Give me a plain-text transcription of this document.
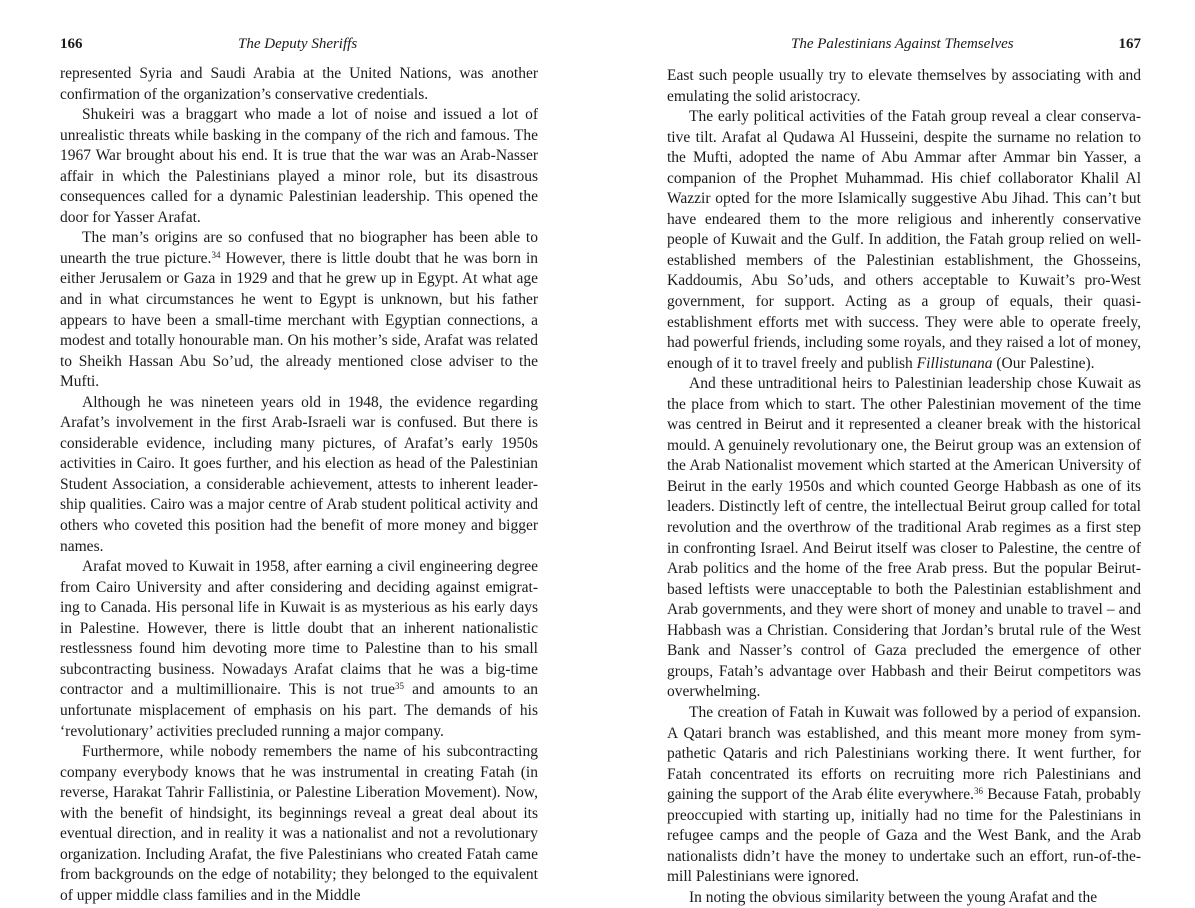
166	The Deputy Sheriffs

represented Syria and Saudi Arabia at the United Nations, was another confirmation of the organization’s conservative credentials.

Shukeiri was a braggart who made a lot of noise and issued a lot of unrealistic threats while basking in the company of the rich and famous. The 1967 War brought about his end. It is true that the war was an Arab-Nasser affair in which the Palestinians played a minor role, but its disastrous consequences called for a dynamic Palestinian leadership. This opened the door for Yasser Arafat.

The man’s origins are so confused that no biographer has been able to unearth the true picture.$^{34}$ However, there is little doubt that he was born in either Jerusalem or Gaza in 1929 and that he grew up in Egypt. At what age and in what circumstances he went to Egypt is unknown, but his father appears to have been a small-time merchant with Egyptian connections, a modest and totally honourable man. On his mother’s side, Arafat was related to Sheikh Hassan Abu So’ud, the already mentioned close adviser to the Mufti.

Although he was nineteen years old in 1948, the evidence regarding Arafat’s involvement in the first Arab-Israeli war is confused. But there is considerable evidence, including many pictures, of Arafat’s early 1950s activities in Cairo. It goes further, and his election as head of the Palestinian Student Association, a considerable achievement, attests to inherent leader-ship qualities. Cairo was a major centre of Arab student political activity and others who coveted this position had the benefit of more money and bigger names.

Arafat moved to Kuwait in 1958, after earning a civil engineering degree from Cairo University and after considering and deciding against emigrat-ing to Canada. His personal life in Kuwait is as mysterious as his early days in Palestine. However, there is little doubt that an inherent nationalistic restlessness found him devoting more time to Palestine than to his small subcontracting business. Nowadays Arafat claims that he was a big-time contractor and a multimillionaire. This is not true$^{35}$ and amounts to an unfortunate misplacement of emphasis on his part. The demands of his ‘revolutionary’ activities precluded running a major company.

Furthermore, while nobody remembers the name of his subcontracting company everybody knows that he was instrumental in creating Fatah (in reverse, Harakat Tahrir Fallistinia, or Palestine Liberation Movement). Now, with the benefit of hindsight, its beginnings reveal a great deal about its eventual direction, and in reality it was a nationalist and not a revolutionary organization. Including Arafat, the five Palestinians who created Fatah came from backgrounds on the edge of notability; they belonged to the equivalent of upper middle class families and in the Middle

The Palestinians Against Themselves	167

East such people usually try to elevate themselves by associating with and emulating the solid aristocracy.

The early political activities of the Fatah group reveal a clear conserva-tive tilt. Arafat al Qudawa Al Husseini, despite the surname no relation to the Mufti, adopted the name of Abu Ammar after Ammar bin Yasser, a companion of the Prophet Muhammad. His chief collaborator Khalil Al Wazzir opted for the more Islamically suggestive Abu Jihad. This can’t but have endeared them to the more religious and inherently conservative people of Kuwait and the Gulf. In addition, the Fatah group relied on well-established members of the Palestinian establishment, the Ghosseins, Kaddoumis, Abu So’uds, and others acceptable to Kuwait’s pro-West government, for support. Acting as a group of equals, their quasi-establishment efforts met with success. They were able to operate freely, had powerful friends, including some royals, and they raised a lot of money, enough of it to travel freely and publish Fillistunana (Our Palestine).

And these untraditional heirs to Palestinian leadership chose Kuwait as the place from which to start. The other Palestinian movement of the time was centred in Beirut and it represented a cleaner break with the historical mould. A genuinely revolutionary one, the Beirut group was an extension of the Arab Nationalist movement which started at the American University of Beirut in the early 1950s and which counted George Habbash as one of its leaders. Distinctly left of centre, the intellectual Beirut group called for total revolution and the overthrow of the traditional Arab regimes as a first step in confronting Israel. And Beirut itself was closer to Palestine, the centre of Arab politics and the home of the free Arab press. But the popular Beirut-based leftists were unacceptable to both the Palestinian establishment and Arab governments, and they were short of money and unable to travel – and Habbash was a Christian. Considering that Jordan’s brutal rule of the West Bank and Nasser’s control of Gaza precluded the emergence of other groups, Fatah’s advantage over Habbash and their Beirut competitors was overwhelming.

The creation of Fatah in Kuwait was followed by a period of expansion. A Qatari branch was established, and this meant more money from sym-pathetic Qataris and rich Palestinians working there. It went further, for Fatah concentrated its efforts on recruiting more rich Palestinians and gaining the support of the Arab élite everywhere.$^{36}$ Because Fatah, probably preoccupied with starting up, initially had no time for the Palestinians in refugee camps and the people of Gaza and the West Bank, and the Arab nationalists didn’t have the money to undertake such an effort, run-of-the-mill Palestinians were ignored.

In noting the obvious similarity between the young Arafat and the
